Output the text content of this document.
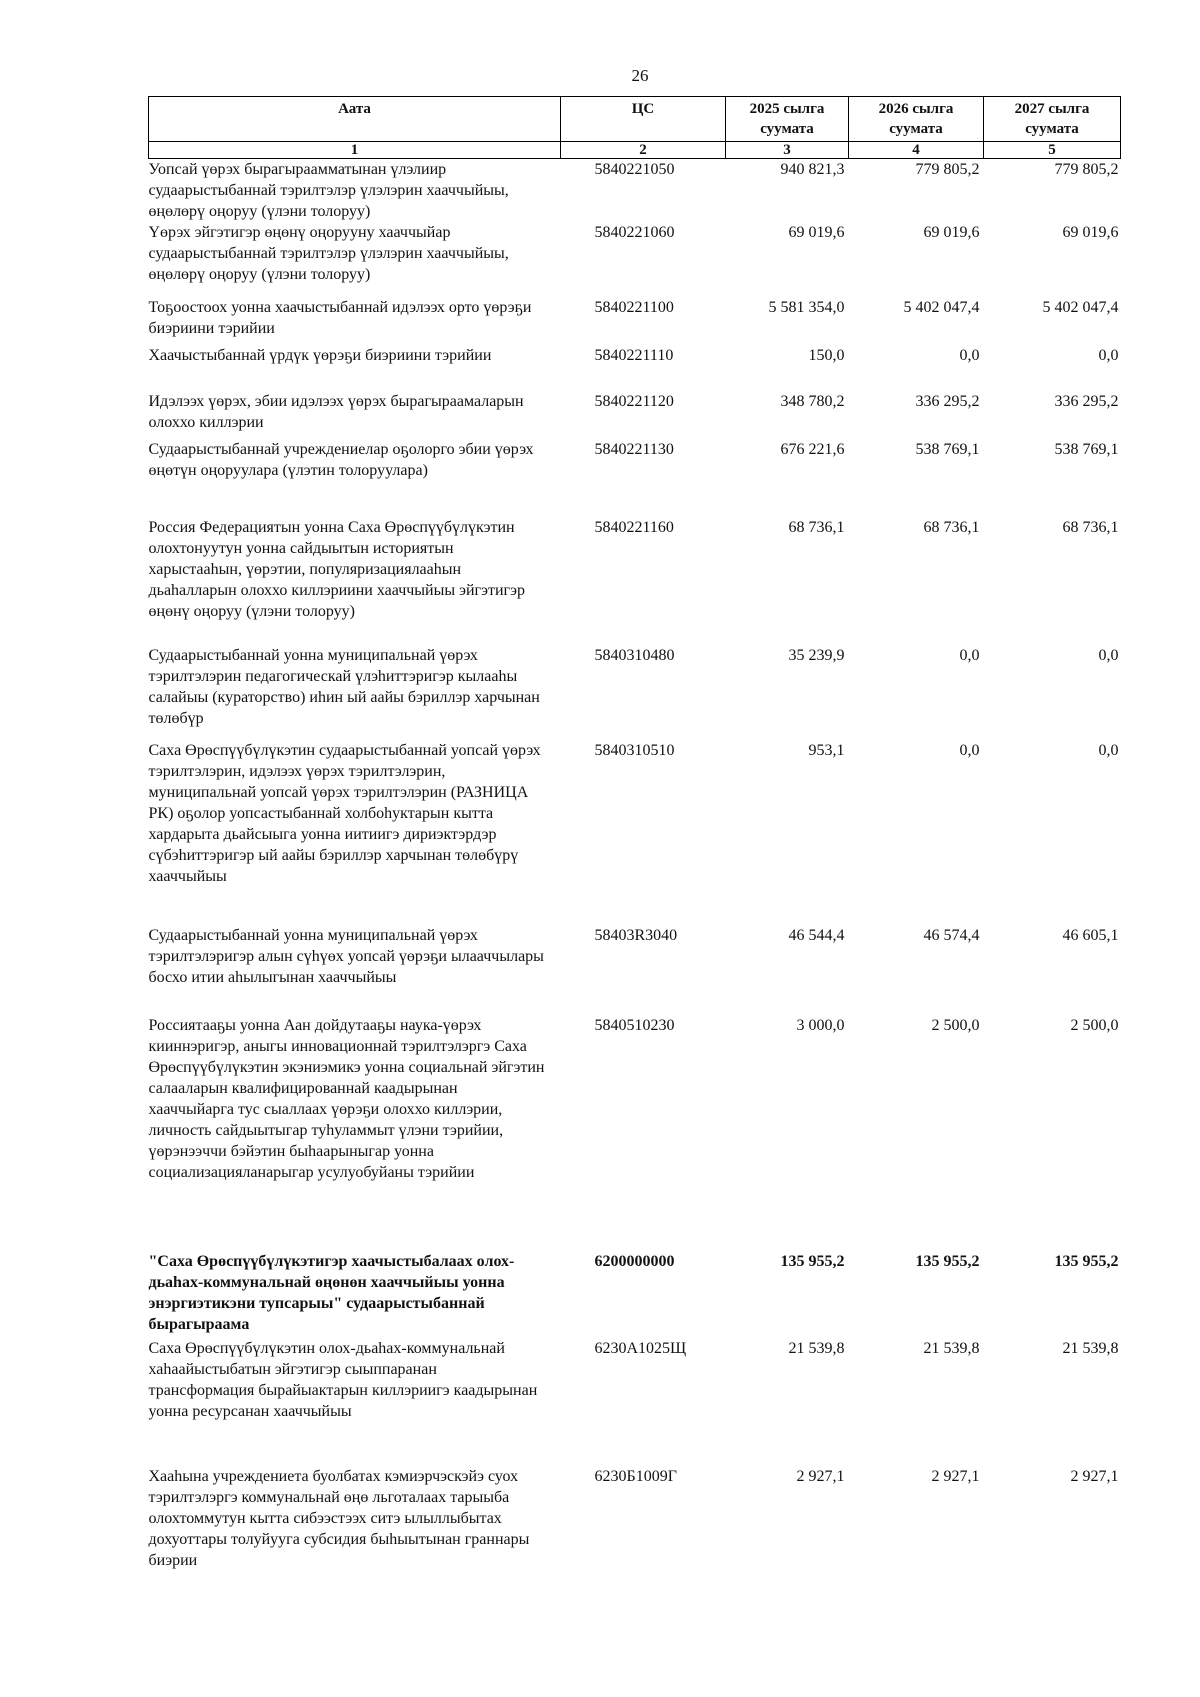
26
Аата	ЦС	2025 сылга суумата	2026 сылга суумата	2027 сылга суумата
1	2	3	4	5
Уопсай үөрэх бырагыраамматынан үлэлиир судаарыстыбаннай тэрилтэлэр үлэлэрин хааччыйыы, өңөлөрү оңоруу (үлэни толоруу)	5840221050	940 821,3	779 805,2	779 805,2
Үөрэх эйгэтигэр өңөнү оңорууну хааччыйар судаарыстыбаннай тэрилтэлэр үлэлэрин хааччыйыы, өңөлөрү оңоруу (үлэни толоруу)	5840221060	69 019,6	69 019,6	69 019,6
Тоҕоостоох уонна хаачыстыбаннай идэлээх орто үөрэҕи биэриини тэрийии	5840221100	5 581 354,0	5 402 047,4	5 402 047,4
Хаачыстыбаннай үрдүк үөрэҕи биэриини тэрийии	5840221110	150,0	0,0	0,0
Идэлээх үөрэх, эбии идэлээх үөрэх бырагыраамаларын олоххо киллэрии	5840221120	348 780,2	336 295,2	336 295,2
Судаарыстыбаннай учреждениелар оҕолорго эбии үөрэх өңөтүн оңоруулара (үлэтин толоруулара)	5840221130	676 221,6	538 769,1	538 769,1
Россия Федерациятын уонна Саха Өрөспүүбүлүкэтин олохтонуутун уонна сайдыытын историятын харыстааһын, үөрэтии, популяризациялааһын дьаһалларын олоххо киллэриини хааччыйыы эйгэтигэр өңөнү оңоруу (үлэни толоруу)	5840221160	68 736,1	68 736,1	68 736,1
Судаарыстыбаннай уонна муниципальнай үөрэх тэрилтэлэрин педагогическай үлэһиттэригэр кылааһы салайыы (кураторство) иһин ый аайы бэриллэр харчынан төлөбүр	5840310480	35 239,9	0,0	0,0
Саха Өрөспүүбүлүкэтин судаарыстыбаннай уопсай үөрэх тэрилтэлэрин, идэлээх үөрэх тэрилтэлэрин, муниципальнай уопсай үөрэх тэрилтэлэрин (РАЗНИЦА РК) оҕолор уопсастыбаннай холбоһуктарын кытта хардарыта дьайсыыга уонна иитиигэ дириэктэрдэр сүбэһиттэригэр ый аайы бэриллэр харчынан төлөбүрү хааччыйыы	5840310510	953,1	0,0	0,0
Судаарыстыбаннай уонна муниципальнай үөрэх тэрилтэлэригэр алын сүһүөх уопсай үөрэҕи ылааччылары босхо итии аһылыгынан хааччыйыы	58403R3040	46 544,4	46 574,4	46 605,1
Россиятааҕы уонна Аан дойдутааҕы наука-үөрэх кииннэригэр, аныгы инновационнай тэрилтэлэргэ Саха Өрөспүүбүлүкэтин экэниэмикэ уонна социальнай эйгэтин салааларын квалифицированнай каадырынан хааччыйарга тус сыаллаах үөрэҕи олоххо киллэрии, личность сайдыытыгар туһуламмыт үлэни тэрийии, үөрэнээччи бэйэтин быһаарыныгар уонна социализацияланарыгар усулуобуйаны тэрийии	5840510230	3 000,0	2 500,0	2 500,0
"Саха Өрөспүүбүлүкэтигэр хаачыстыбалаах олох-дьаһах-коммунальнай өңөнөн хааччыйыы уонна энэргиэтикэни тупсарыы" судаарыстыбаннай бырагыраама	6200000000	135 955,2	135 955,2	135 955,2
Саха Өрөспүүбүлүкэтин олох-дьаһах-коммунальнай хаһаайыстыбатын эйгэтигэр сыыппаранан трансформация бырайыактарын киллэриигэ каадырынан уонна ресурсанан хааччыйыы	6230А1025Щ	21 539,8	21 539,8	21 539,8
Хааһына учреждениета буолбатах кэмиэрчэскэйэ суох тэрилтэлэргэ коммунальнай өңө льготалаах тарыыба олохтоммутун кытта сибээстээх ситэ ылыллыбытах дохуоттары толуйууга субсидия быһыытынан граннары биэрии	6230Б1009Г	2 927,1	2 927,1	2 927,1
